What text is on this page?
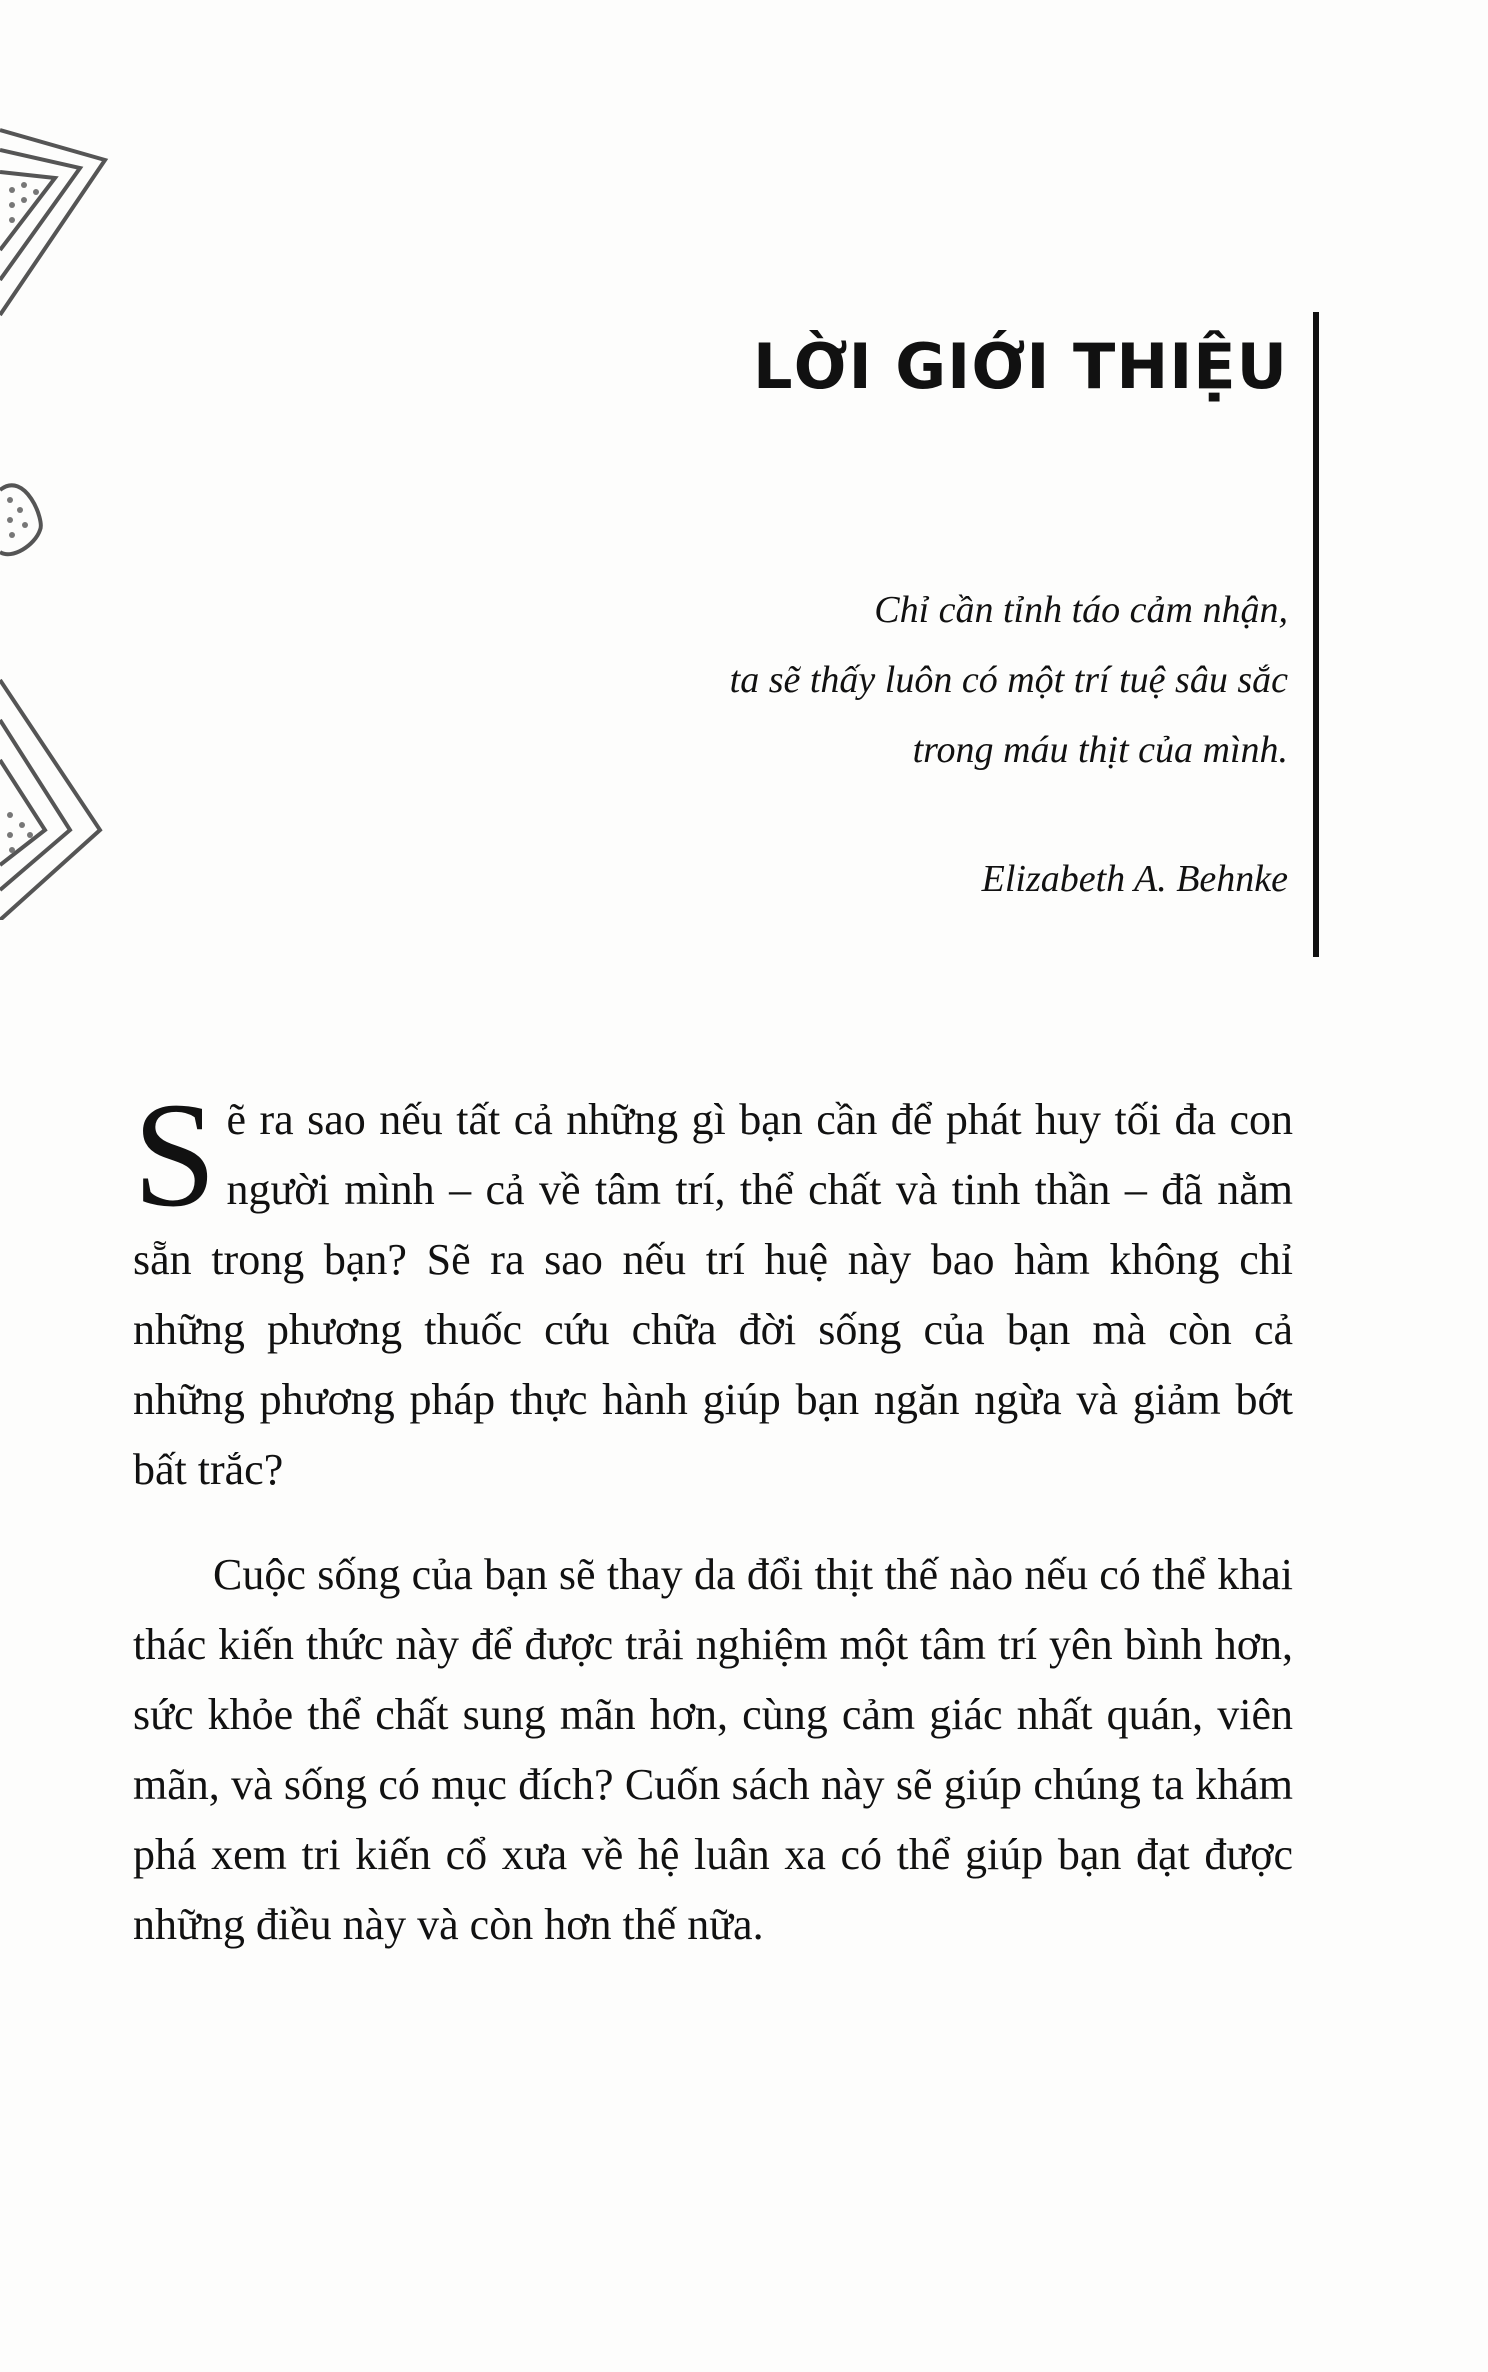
LỜI GIỚI THIỆU
Chỉ cần tỉnh táo cảm nhận,
ta sẽ thấy luôn có một trí tuệ sâu sắc
trong máu thịt của mình.
Elizabeth A. Behnke
Sẽ ra sao nếu tất cả những gì bạn cần để phát huy tối đa con người mình – cả về tâm trí, thể chất và tinh thần – đã nằm sẵn trong bạn? Sẽ ra sao nếu trí huệ này bao hàm không chỉ những phương thuốc cứu chữa đời sống của bạn mà còn cả những phương pháp thực hành giúp bạn ngăn ngừa và giảm bớt bất trắc?
Cuộc sống của bạn sẽ thay da đổi thịt thế nào nếu có thể khai thác kiến thức này để được trải nghiệm một tâm trí yên bình hơn, sức khỏe thể chất sung mãn hơn, cùng cảm giác nhất quán, viên mãn, và sống có mục đích? Cuốn sách này sẽ giúp chúng ta khám phá xem tri kiến cổ xưa về hệ luân xa có thể giúp bạn đạt được những điều này và còn hơn thế nữa.
